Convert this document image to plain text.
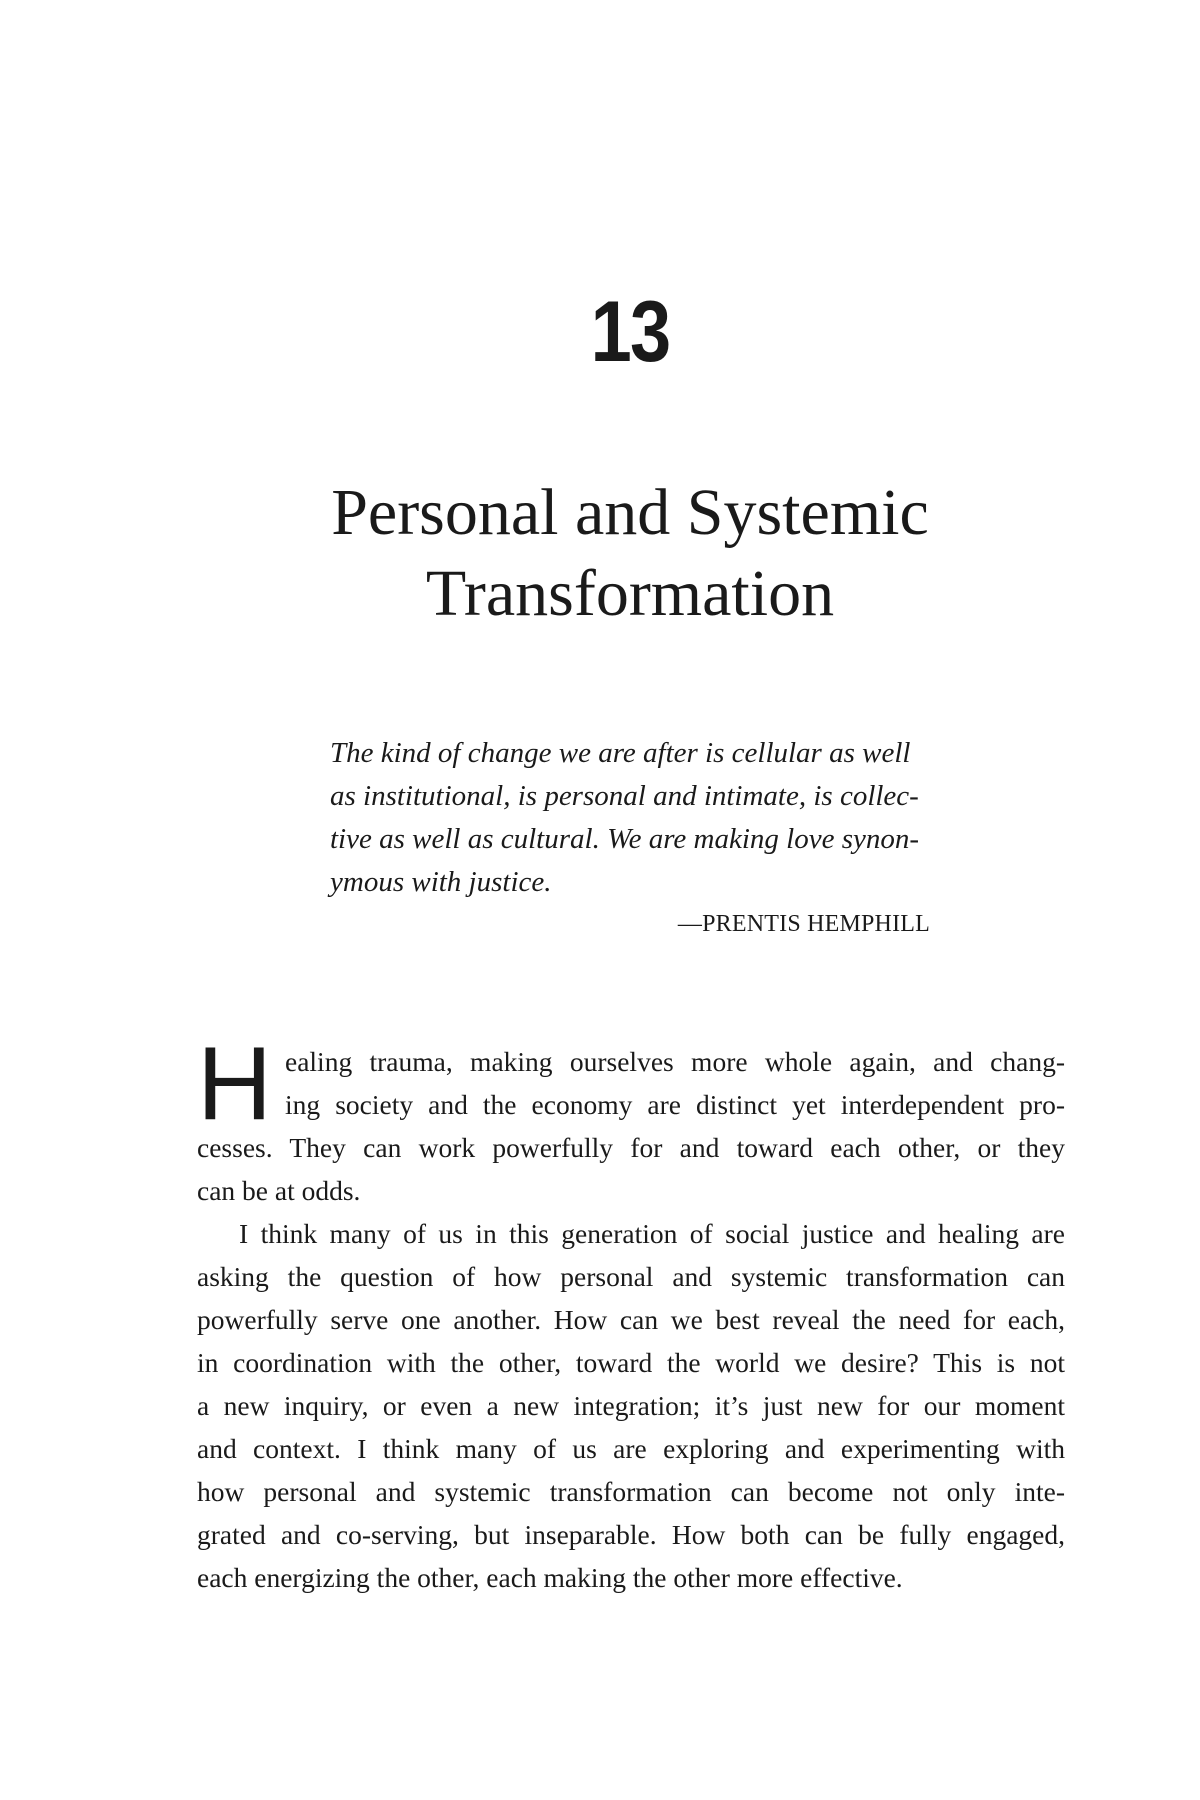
13
Personal and Systemic
Transformation
The kind of change we are after is cellular as well
as institutional, is personal and intimate, is collec-
tive as well as cultural. We are making love synon-
ymous with justice.
—PRENTIS HEMPHILL
H ealing trauma, making ourselves more whole again, and chang-
ing society and the economy are distinct yet interdependent pro-
cesses. They can work powerfully for and toward each other, or they
can be at odds.
I think many of us in this generation of social justice and healing are
asking the question of how personal and systemic transformation can
powerfully serve one another. How can we best reveal the need for each,
in coordination with the other, toward the world we desire? This is not
a new inquiry, or even a new integration; it’s just new for our moment
and context. I think many of us are exploring and experimenting with
how personal and systemic transformation can become not only inte-
grated and co-serving, but inseparable. How both can be fully engaged,
each energizing the other, each making the other more effective.
